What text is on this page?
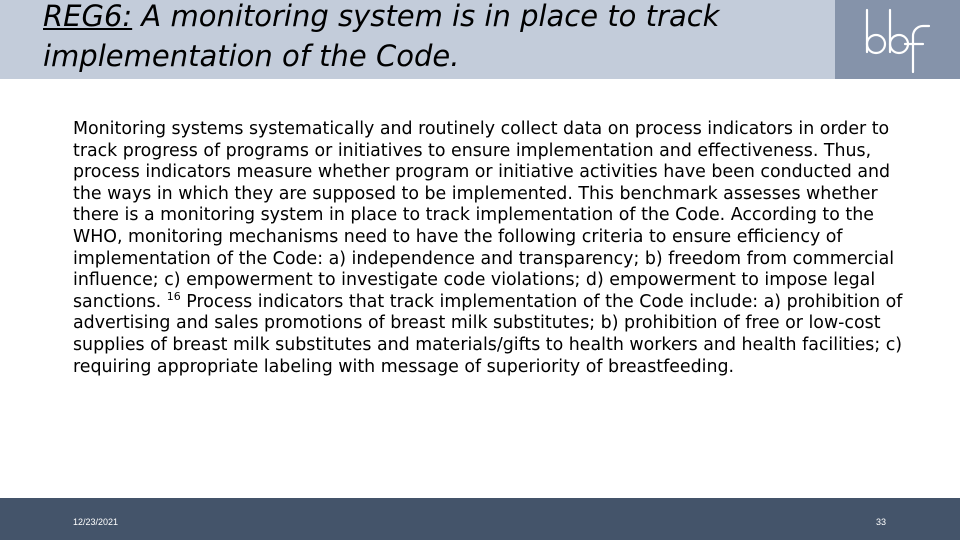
REG6: A monitoring system is in place to track implementation of the Code.

Monitoring systems systematically and routinely collect data on process indicators in order to track progress of programs or initiatives to ensure implementation and effectiveness. Thus, process indicators measure whether program or initiative activities have been conducted and the ways in which they are supposed to be implemented. This benchmark assesses whether there is a monitoring system in place to track implementation of the Code. According to the WHO, monitoring mechanisms need to have the following criteria to ensure efficiency of implementation of the Code: a) independence and transparency; b) freedom from commercial influence; c) empowerment to investigate code violations; d) empowerment to impose legal sanctions. $^{16}$ Process indicators that track implementation of the Code include: a) prohibition of advertising and sales promotions of breast milk substitutes; b) prohibition of free or low-cost supplies of breast milk substitutes and materials/gifts to health workers and health facilities; c) requiring appropriate labeling with message of superiority of breastfeeding.

12/23/2021	33
